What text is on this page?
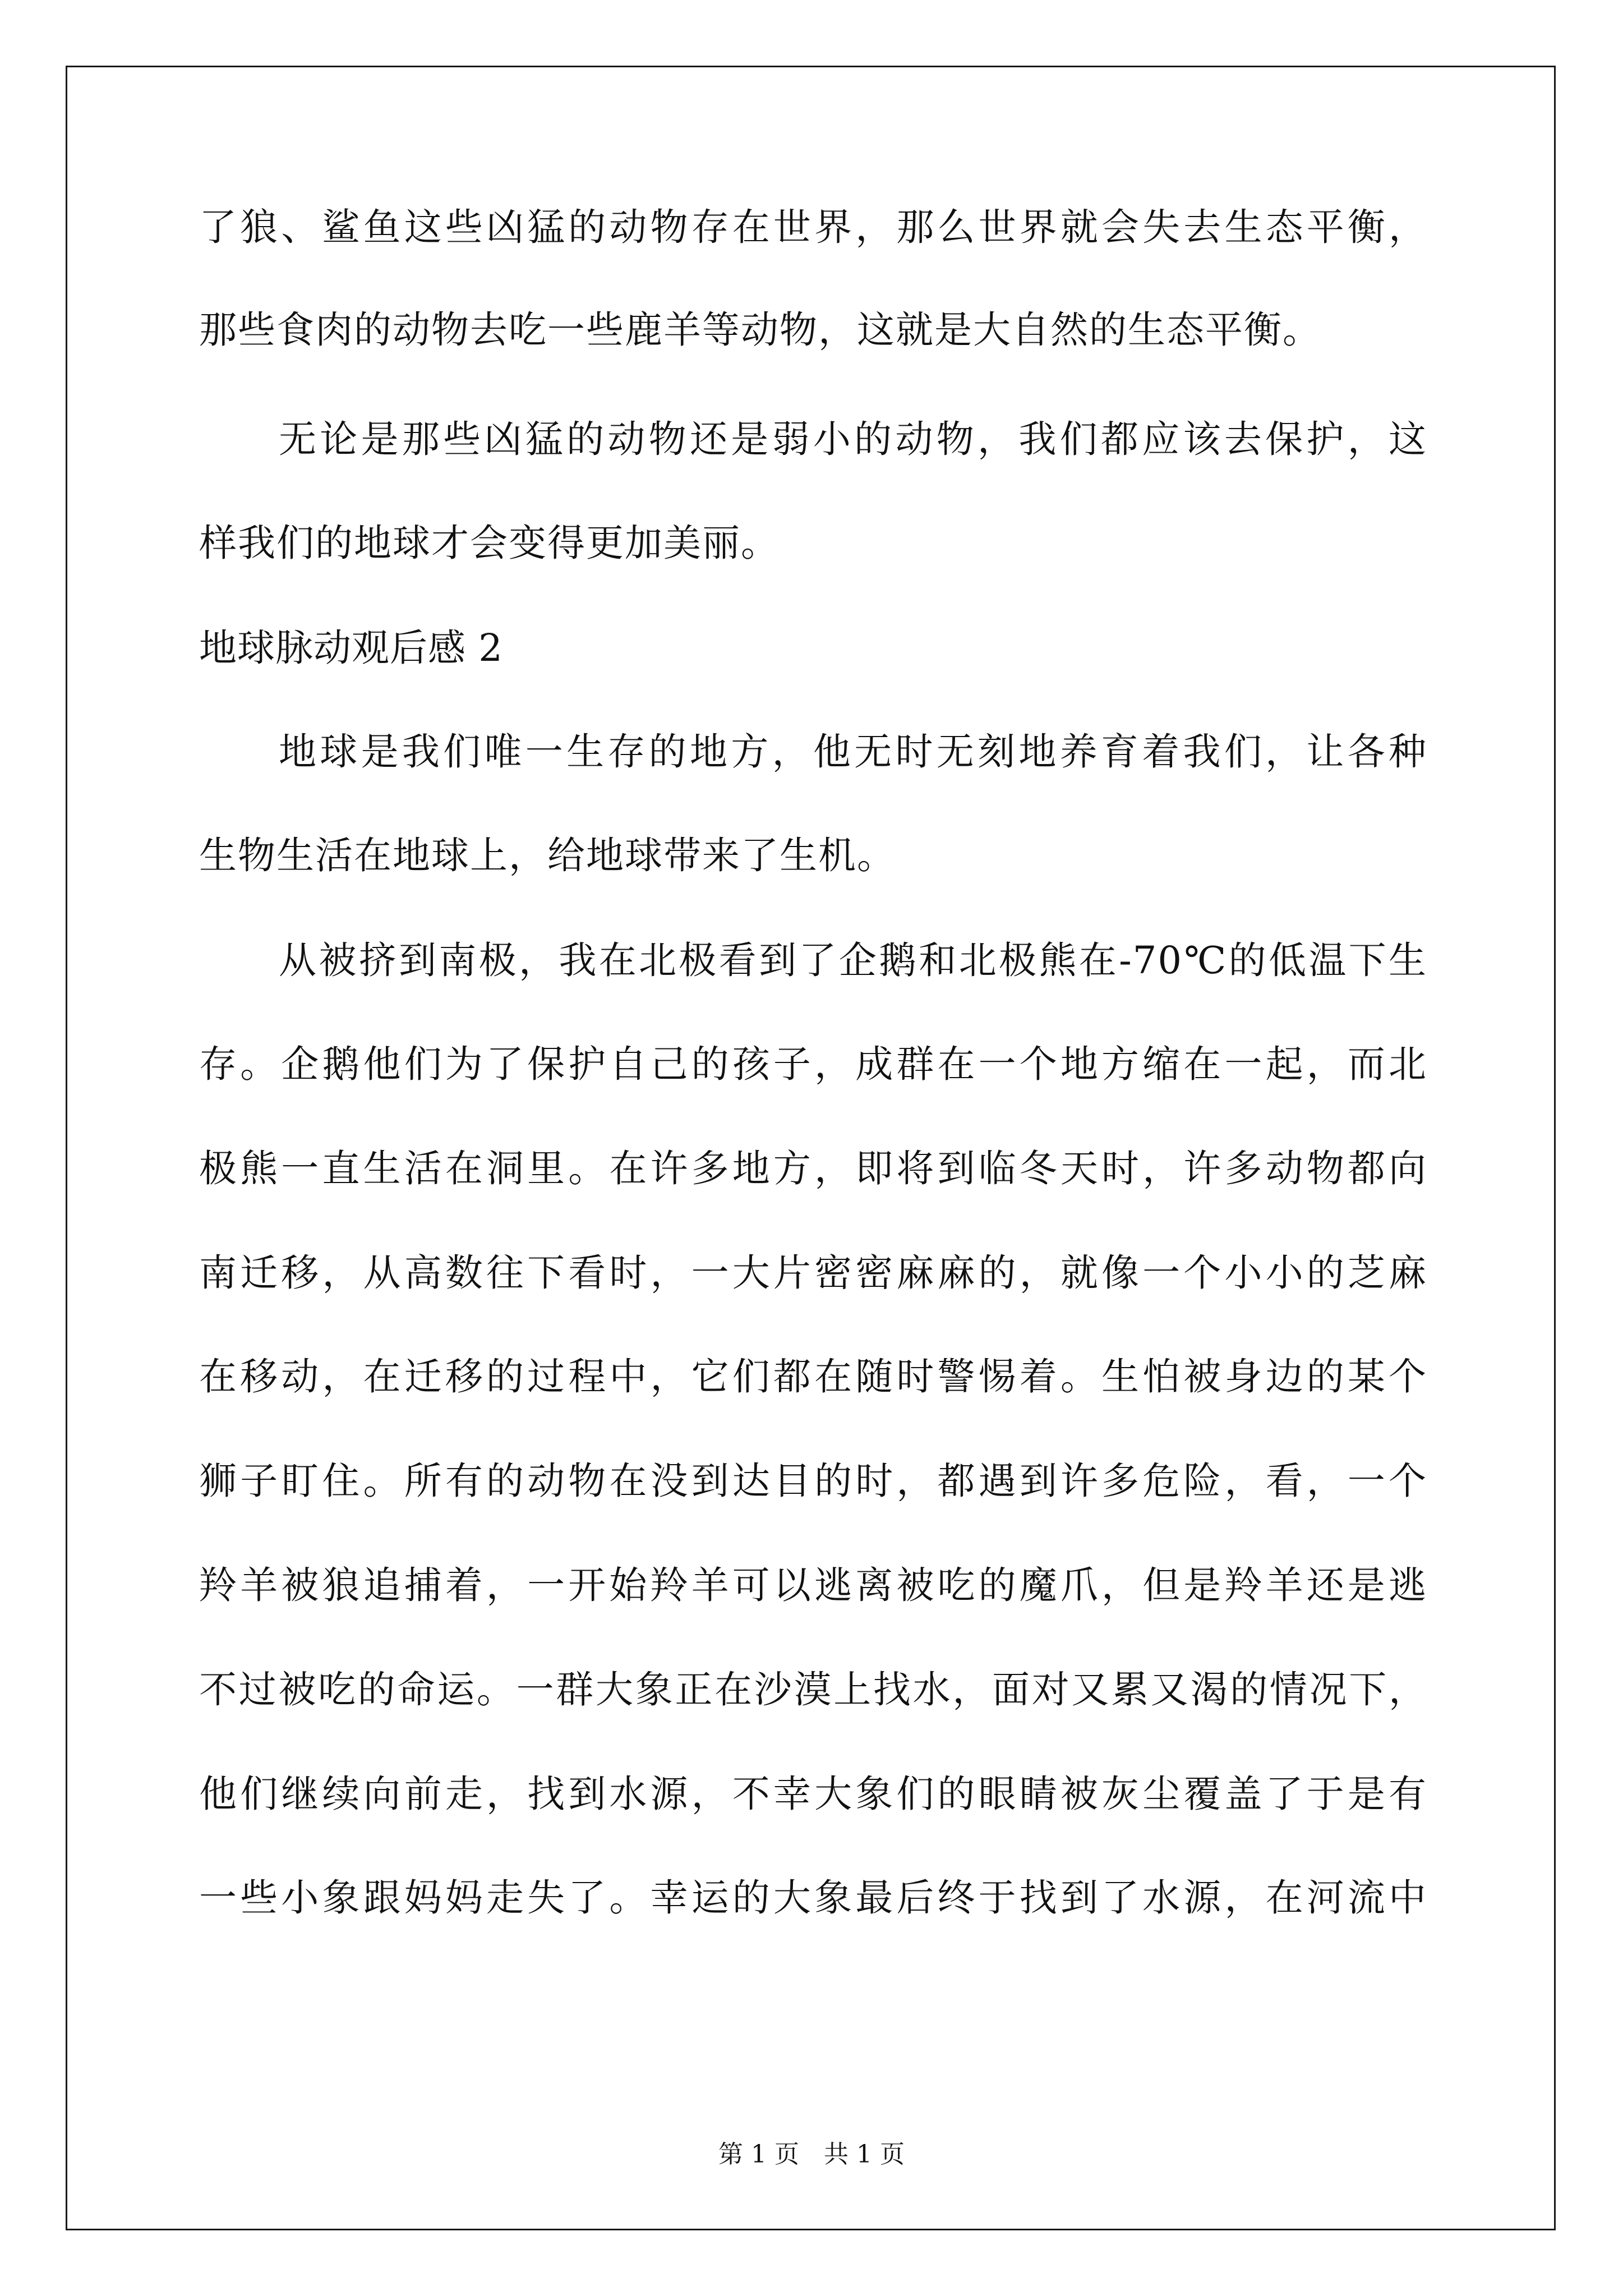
了狼、鲨鱼这些凶猛的动物存在世界，那么世界就会失去生态平衡，
那些食肉的动物去吃一些鹿羊等动物，这就是大自然的生态平衡。
无论是那些凶猛的动物还是弱小的动物，我们都应该去保护，这
样我们的地球才会变得更加美丽。
地球脉动观后感 2
地球是我们唯一生存的地方，他无时无刻地养育着我们，让各种
生物生活在地球上，给地球带来了生机。
从被挤到南极，我在北极看到了企鹅和北极熊在-70℃的低温下生
存。企鹅他们为了保护自己的孩子，成群在一个地方缩在一起，而北
极熊一直生活在洞里。在许多地方，即将到临冬天时，许多动物都向
南迁移，从高数往下看时，一大片密密麻麻的，就像一个小小的芝麻
在移动，在迁移的过程中，它们都在随时警惕着。生怕被身边的某个
狮子盯住。所有的动物在没到达目的时，都遇到许多危险，看，一个
羚羊被狼追捕着，一开始羚羊可以逃离被吃的魔爪，但是羚羊还是逃
不过被吃的命运。一群大象正在沙漠上找水，面对又累又渴的情况下，
他们继续向前走，找到水源，不幸大象们的眼睛被灰尘覆盖了于是有
一些小象跟妈妈走失了。幸运的大象最后终于找到了水源，在河流中
第 1 页　共 1 页
